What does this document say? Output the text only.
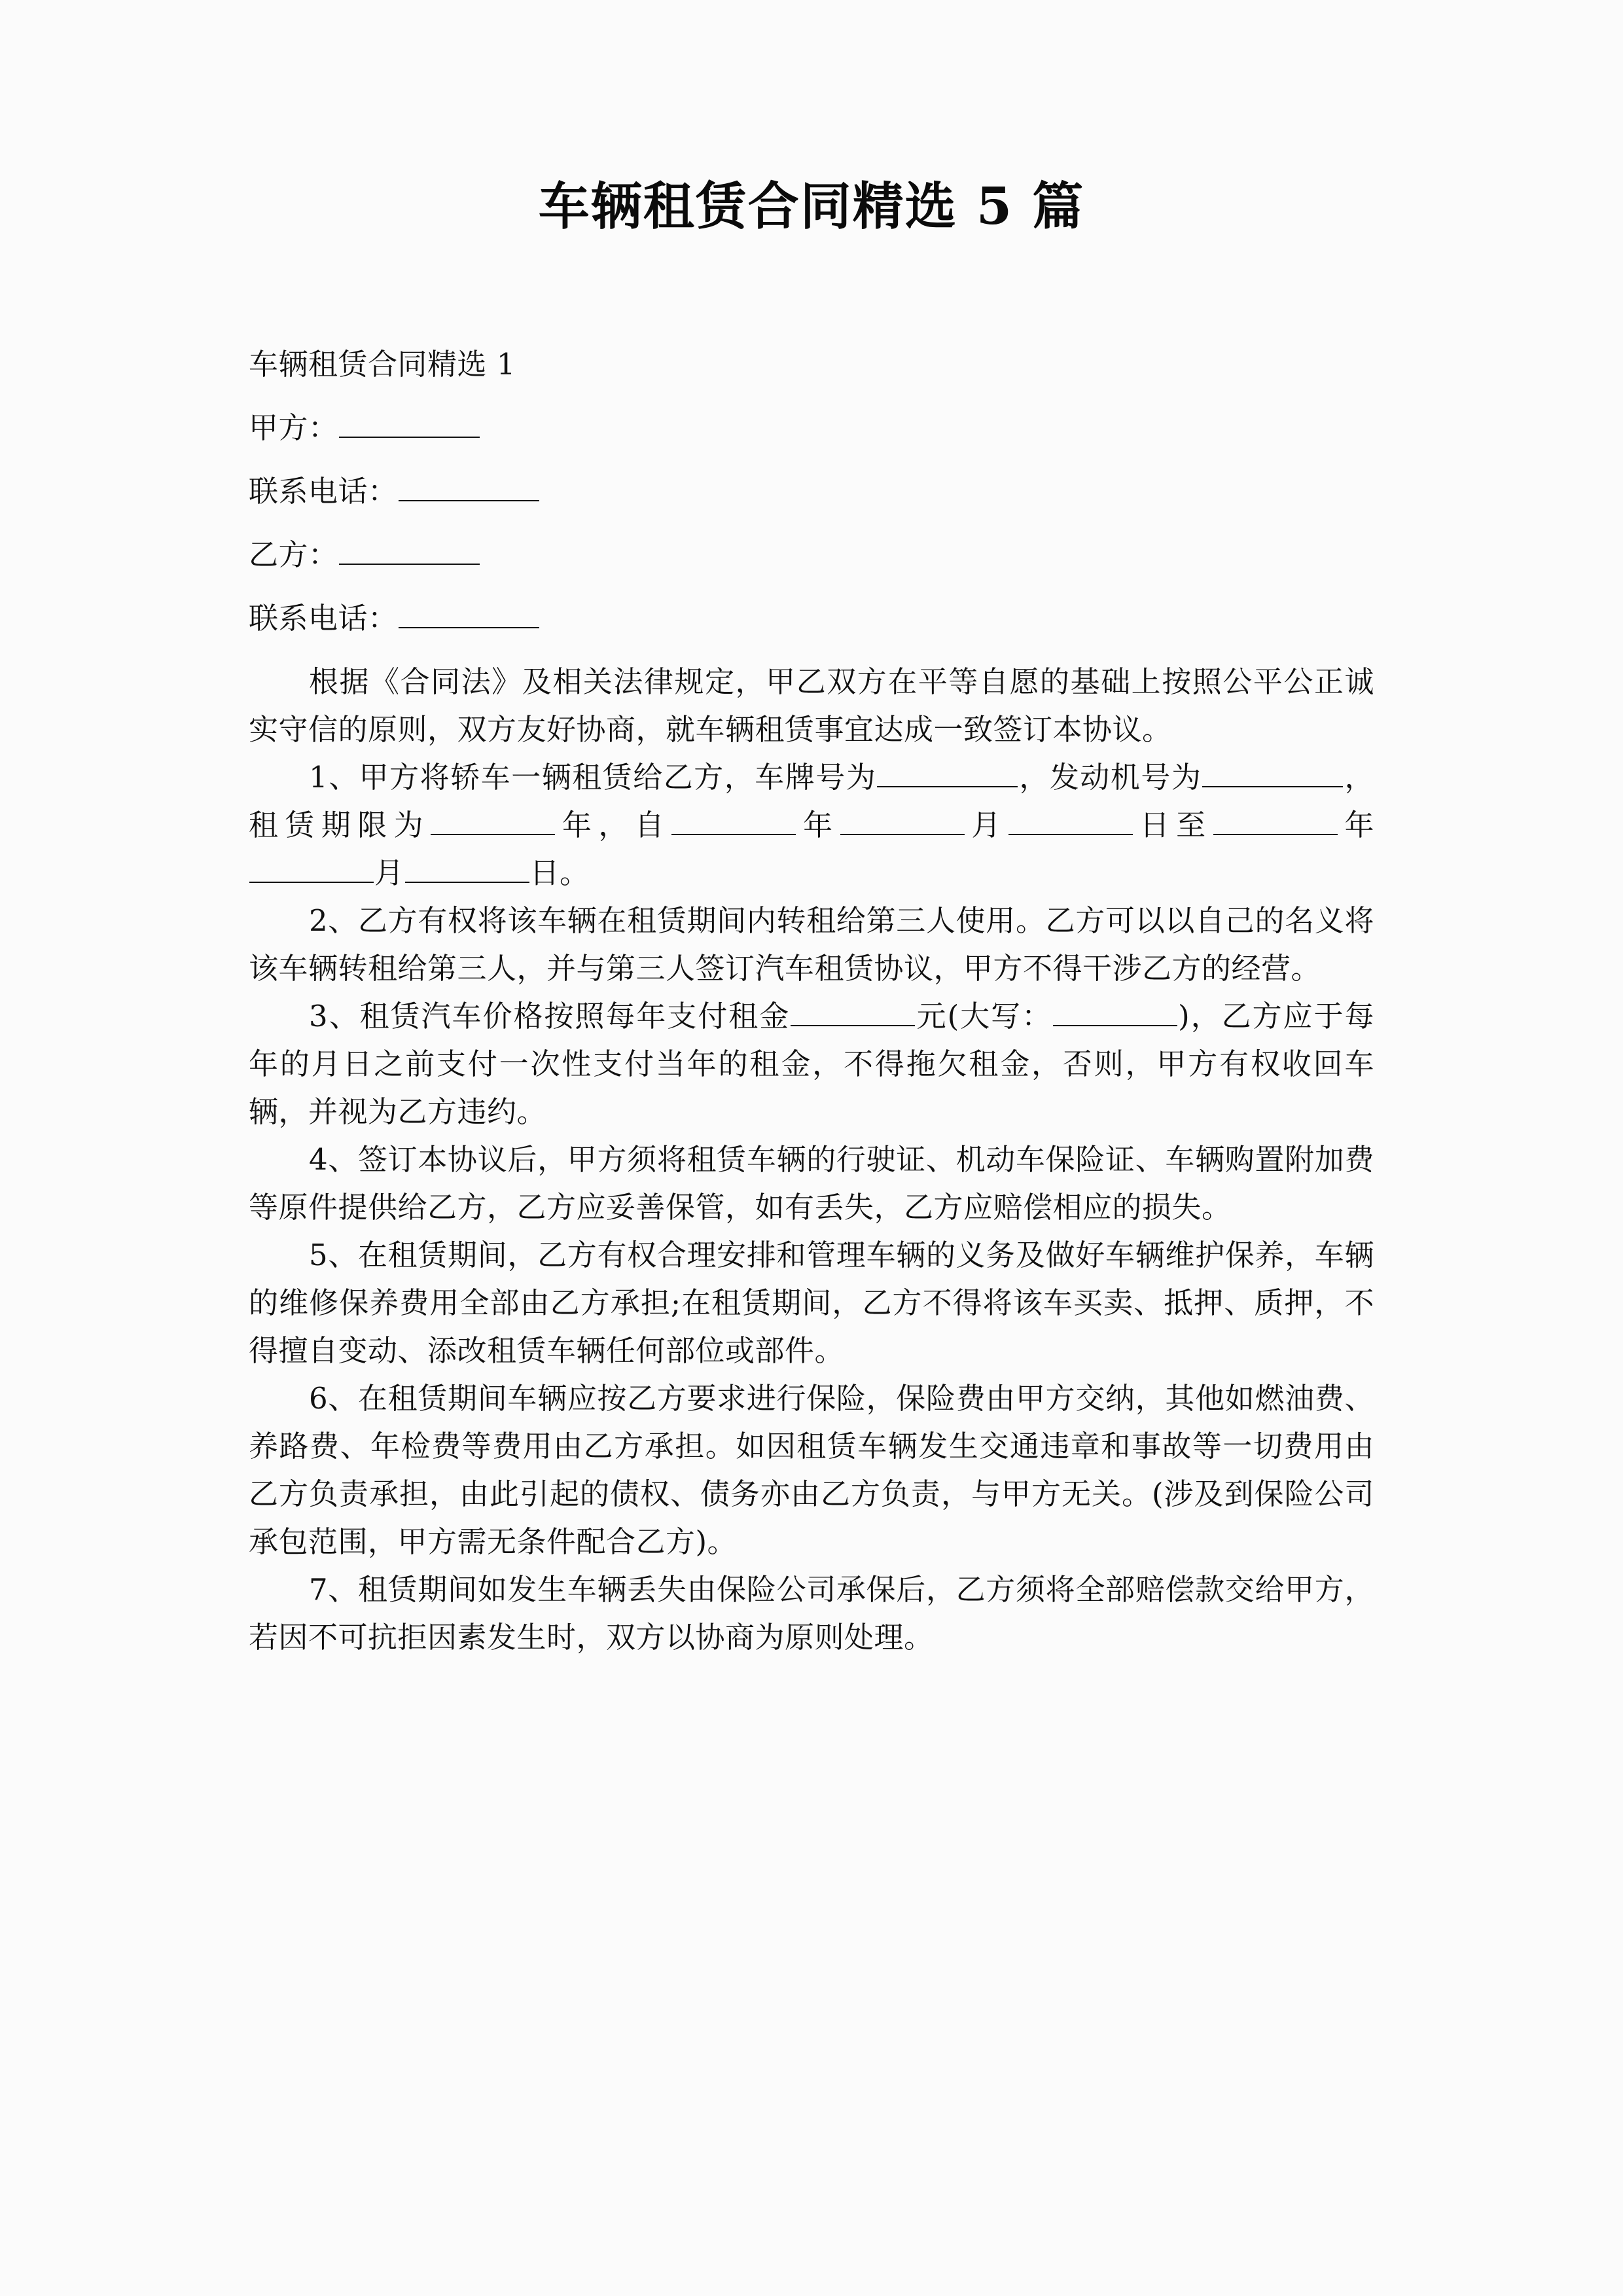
车辆租赁合同精选 5 篇

车辆租赁合同精选 1

甲方：

联系电话：

乙方：

联系电话：

根据《合同法》及相关法律规定，甲乙双方在平等自愿的基础上按照公平公正诚实守信的原则，双方友好协商，就车辆租赁事宜达成一致签订本协议。

1、甲方将轿车一辆租赁给乙方，车牌号为	，发动机号为	，租赁期限为	年，自	年	月	日至	年月	日。

2、乙方有权将该车辆在租赁期间内转租给第三人使用。乙方可以以自己的名义将该车辆转租给第三人，并与第三人签订汽车租赁协议，甲方不得干涉乙方的经营。

3、租赁汽车价格按照每年支付租金	元(大写：	)，乙方应于每年的月日之前支付一次性支付当年的租金，不得拖欠租金，否则，甲方有权收回车辆，并视为乙方违约。

4、签订本协议后，甲方须将租赁车辆的行驶证、机动车保险证、车辆购置附加费等原件提供给乙方，乙方应妥善保管，如有丢失，乙方应赔偿相应的损失。

5、在租赁期间，乙方有权合理安排和管理车辆的义务及做好车辆维护保养，车辆的维修保养费用全部由乙方承担;在租赁期间，乙方不得将该车买卖、抵押、质押，不得擅自变动、添改租赁车辆任何部位或部件。

6、在租赁期间车辆应按乙方要求进行保险，保险费由甲方交纳，其他如燃油费、养路费、年检费等费用由乙方承担。如因租赁车辆发生交通违章和事故等一切费用由乙方负责承担，由此引起的债权、债务亦由乙方负责，与甲方无关。(涉及到保险公司承包范围，甲方需无条件配合乙方)。

7、租赁期间如发生车辆丢失由保险公司承保后，乙方须将全部赔偿款交给甲方，若因不可抗拒因素发生时，双方以协商为原则处理。
